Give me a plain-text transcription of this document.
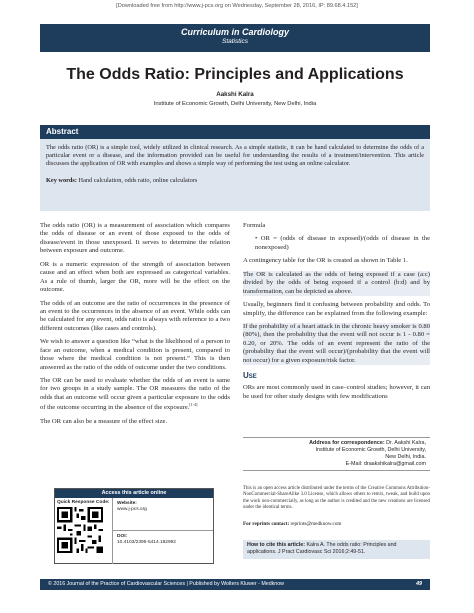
[Downloaded free from http://www.j-pcs.org on Wednesday, September 28, 2016, IP: 89.68.4.152]
Curriculum in Cardiology
Statistics
The Odds Ratio: Principles and Applications
Aakshi Kalra
Institute of Economic Growth, Delhi University, New Delhi, India
Abstract
The odds ratio (OR) is a simple tool, widely utilized in clinical research. As a simple statistic, it can be hand calculated to determine the odds of a particular event or a disease, and the information provided can be useful for understanding the results of a treatment/intervention. This article discusses the application of OR with examples and shows a simple way of performing the test using an online calculator.
Key words: Hand calculation, odds ratio, online calculators

The odds ratio (OR) is a measurement of association which compares the odds of disease or an event of those exposed to the odds of disease/event in those unexposed. It serves to determine the relation between exposure and outcome.

OR is a numeric expression of the strength of association between cause and an effect when both are expressed as categorical variables. As a rule of thumb, larger the OR, more will be the effect on the outcome.

The odds of an outcome are the ratio of occurrences in the presence of an event to the occurrences in the absence of an event. While odds can be calculated for any event, odds ratio is always with reference to a two different outcomes (like cases and controls).

We wish to answer a question like “what is the likelihood of a person to face an outcome, when a medical condition is present, compared to those where the medical condition is not present.” This is then answered as the ratio of the odds of outcome under the two conditions.

The OR can be used to evaluate whether the odds of an event is same for two groups in a study sample. The OR measures the ratio of the odds that an outcome will occur given a particular exposure to the odds of the outcome occurring in the absence of the exposure.[1-4]

The OR can also be a measure of the effect size.

Formula

• OR = (odds of disease in exposed)/(odds of disease in the nonexposed)

A contingency table for the OR is created as shown in Table 1.

The OR is calculated as the odds of being exposed if a case (a:c) divided by the odds of being exposed if a control (b:d) and by transformation, can be depicted as above.

Usually, beginners find it confusing between probability and odds. To simplify, the difference can be explained from the following example:

If the probability of a heart attack in the chronic heavy smoker is 0.80 (80%), then the probability that the event will not occur is 1 - 0.80 = 0.20, or 20%. The odds of an event represent the ratio of the (probability that the event will occur)/(probability that the event will not occur) for a given exposure/risk factor.

Use

ORs are most commonly used in case–control studies; however, it can be used for other study designs with few modifications

Address for correspondence: Dr. Aakshi Kalra,
Institute of Economic Growth, Delhi University,
New Delhi, India.
E-Mail: draakshikalra@gmail.com
This is an open access article distributed under the terms of the Creative Commons Attribution-NonCommercial-ShareAlike 3.0 License, which allows others to remix, tweak, and build upon the work non-commercially, as long as the author is credited and the new creations are licensed under the identical terms.
For reprints contact: reprints@medknow.com
How to cite this article: Kalra A. The odds ratio: Principles and applications. J Pract Cardiovasc Sci 2016;2:49-51.
Access this article online
Quick Response Code: Website:
www.j-pcs.org
DOI:
10.4103/2395-5414.182992
© 2016 Journal of the Practice of Cardiovascular Sciences | Published by Wolters Kluwer - Medknow	49
